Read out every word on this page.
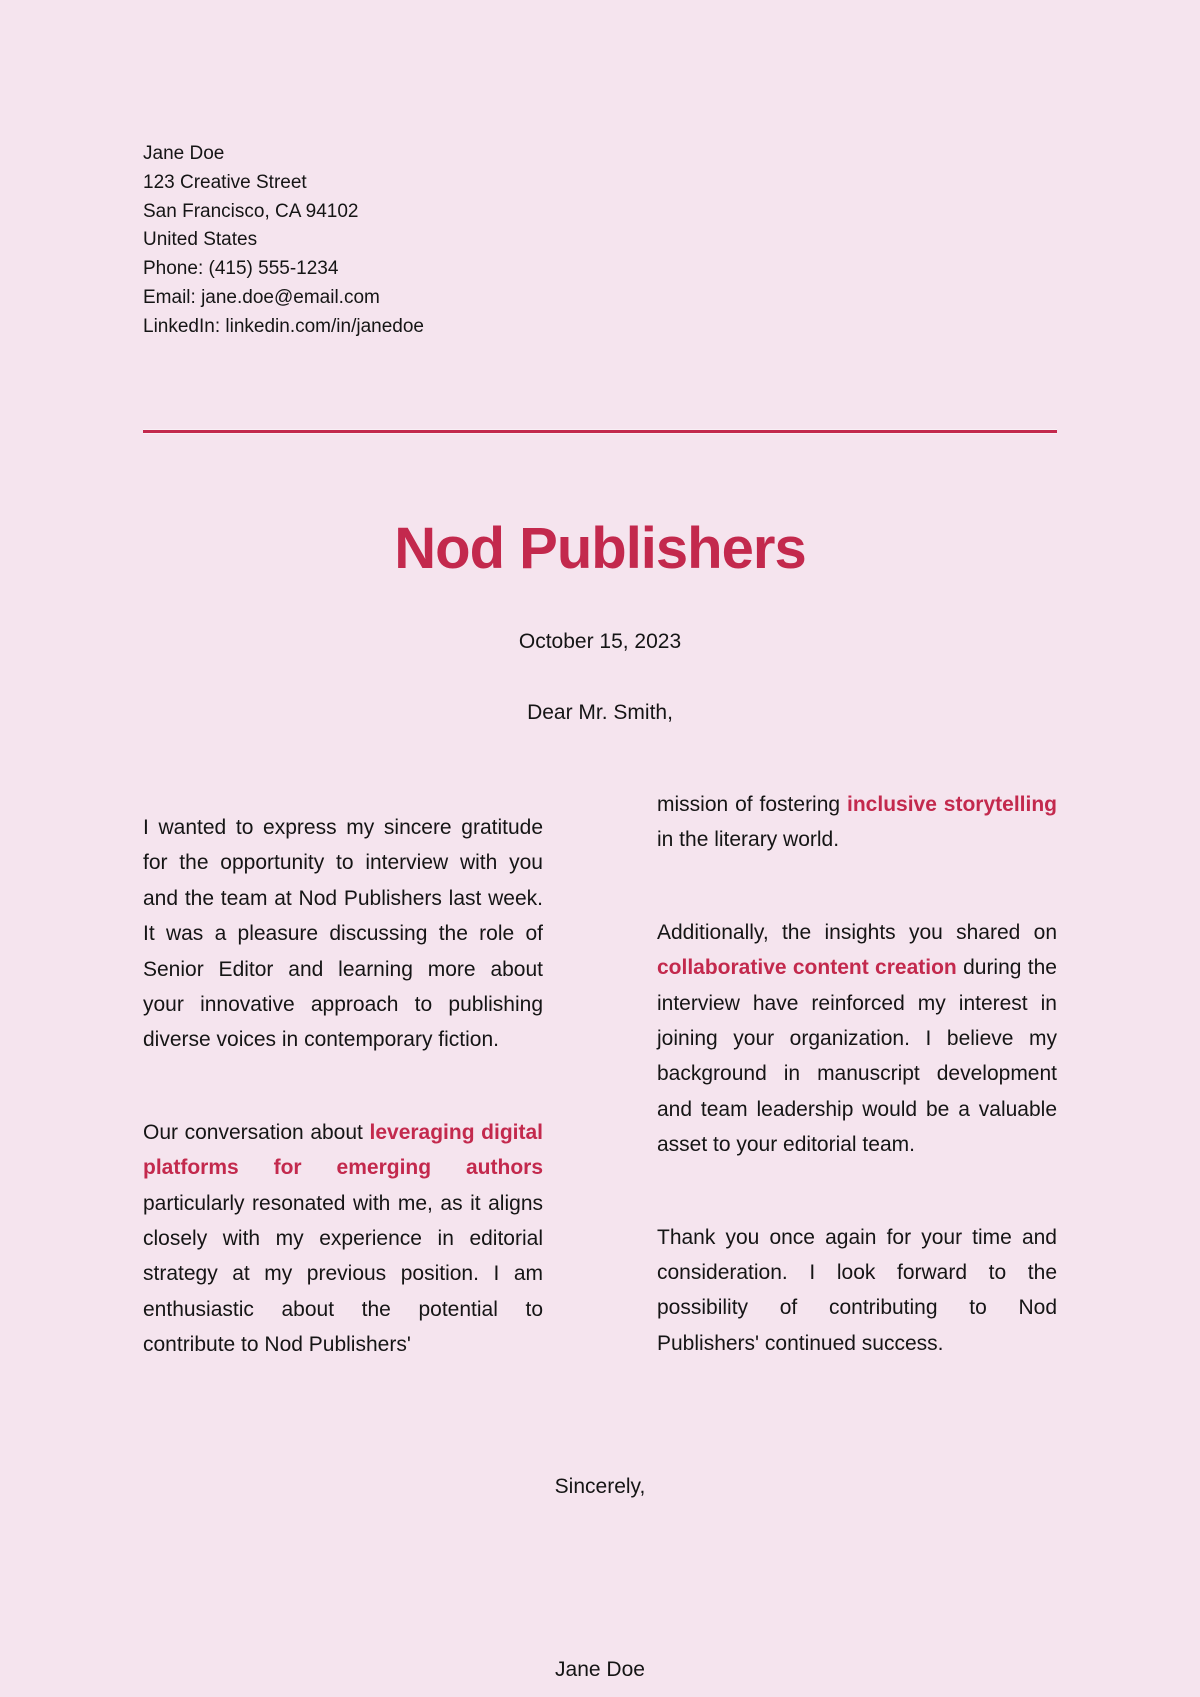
Jane Doe
123 Creative Street
San Francisco, CA 94102
United States
Phone: (415) 555-1234
Email: jane.doe@email.com
LinkedIn: linkedin.com/in/janedoe
Nod Publishers
October 15, 2023
Dear Mr. Smith,

I wanted to express my sincere gratitude for the opportunity to interview with you and the team at Nod Publishers last week. It was a pleasure discussing the role of Senior Editor and learning more about your innovative approach to publishing diverse voices in contemporary fiction.

Our conversation about leveraging digital platforms for emerging authors particularly resonated with me, as it aligns closely with my experience in editorial strategy at my previous position. I am enthusiastic about the potential to contribute to Nod Publishers'

mission of fostering inclusive storytelling in the literary world.

Additionally, the insights you shared on collaborative content creation during the interview have reinforced my interest in joining your organization. I believe my background in manuscript development and team leadership would be a valuable asset to your editorial team.

Thank you once again for your time and consideration. I look forward to the possibility of contributing to Nod Publishers' continued success.

Sincerely,
Jane Doe
